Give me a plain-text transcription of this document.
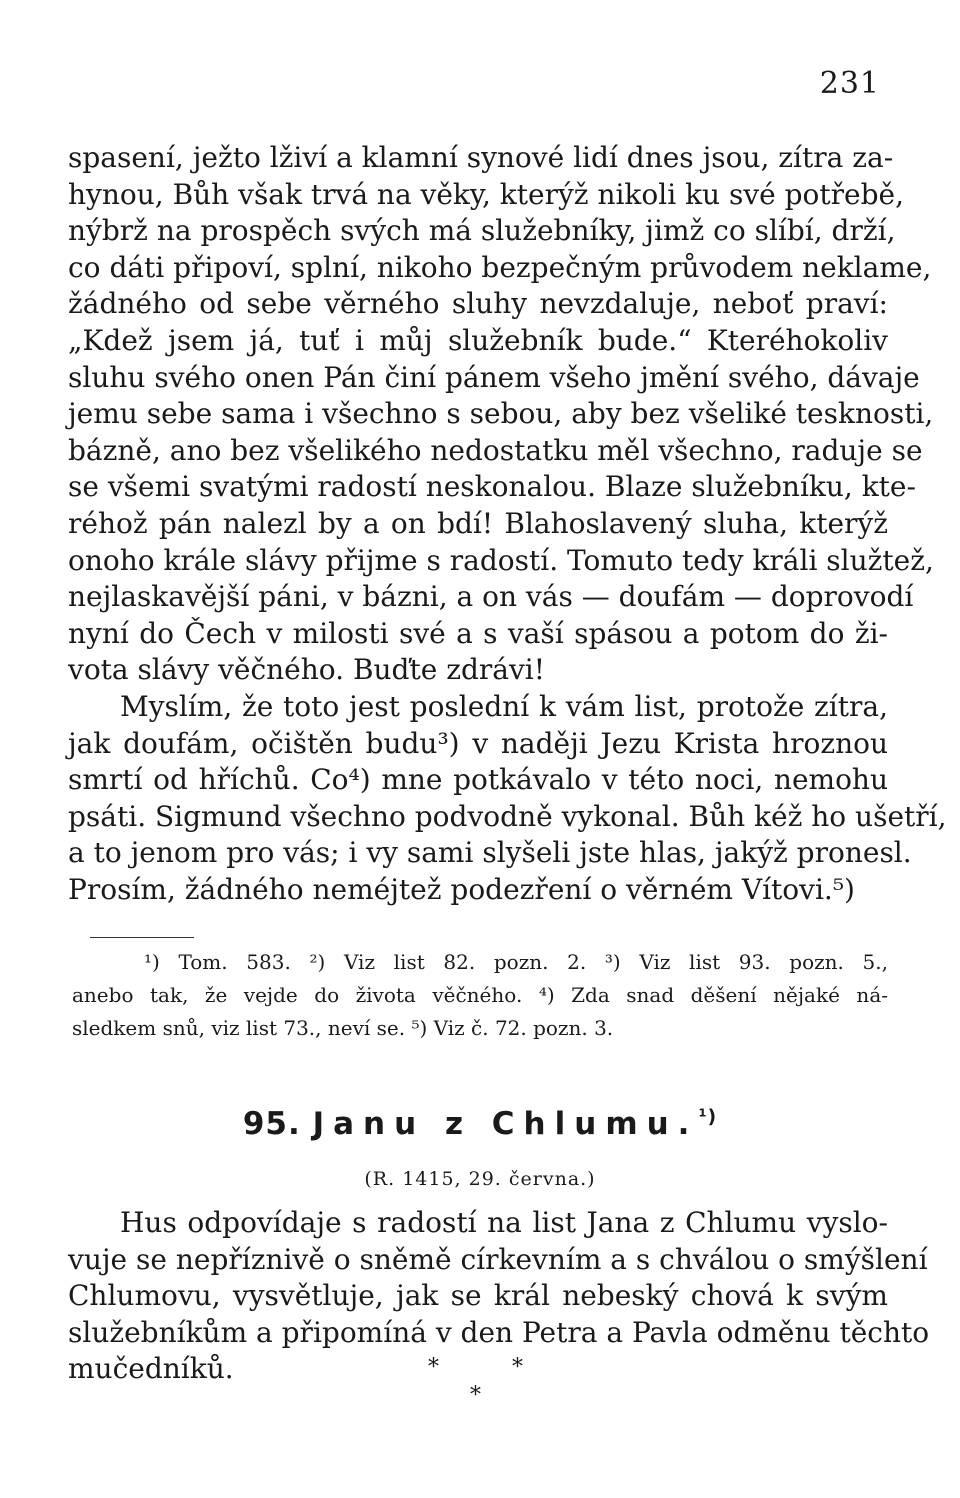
231
spasení, ježto lživí a klamní synové lidí dnes jsou, zítra za-
hynou, Bůh však trvá na věky, kterýž nikoli ku své potřebě,
nýbrž na prospěch svých má služebníky, jimž co slíbí, drží,
co dáti připoví, splní, nikoho bezpečným průvodem neklame,
žádného od sebe věrného sluhy nevzdaluje, neboť praví:
„Kdež jsem já, tuť i můj služebník bude.“ Kteréhokoliv
sluhu svého onen Pán činí pánem všeho jmění svého, dávaje
jemu sebe sama i všechno s sebou, aby bez všeliké tesknosti,
bázně, ano bez všelikého nedostatku měl všechno, raduje se
se všemi svatými radostí neskonalou. Blaze služebníku, kte-
réhož pán nalezl by a on bdí! Blahoslavený sluha, kterýž
onoho krále slávy přijme s radostí. Tomuto tedy králi služtež,
nejlaskavější páni, v bázni, a on vás — doufám — doprovodí
nyní do Čech v milosti své a s vaší spásou a potom do ži-
vota slávy věčného. Buďte zdrávi!
Myslím, že toto jest poslední k vám list, protože zítra,
jak doufám, očištěn budu³) v naději Jezu Krista hroznou
smrtí od hříchů. Co⁴) mne potkávalo v této noci, nemohu
psáti. Sigmund všechno podvodně vykonal. Bůh kéž ho ušetří,
a to jenom pro vás; i vy sami slyšeli jste hlas, jakýž pronesl.
Prosím, žádného neméjtež podezření o věrném Vítovi.⁵)
¹) Tom. 583. ²) Viz list 82. pozn. 2. ³) Viz list 93. pozn. 5.,
anebo tak, že vejde do života věčného. ⁴) Zda snad děšení nějaké ná-
sledkem snů, viz list 73., neví se. ⁵) Viz č. 72. pozn. 3.
95. Janu z Chlumu.$^{^1)}$
(R. 1415, 29. června.)
Hus odpovídaje s radostí na list Jana z Chlumu vyslo-
vuje se nepříznivě o sněmě církevním a s chválou o smýšlení
Chlumovu, vysvětluje, jak se král nebeský chová k svým
služebníkům a připomíná v den Petra a Pavla odměnu těchto
mučedníků.	*	*
*
